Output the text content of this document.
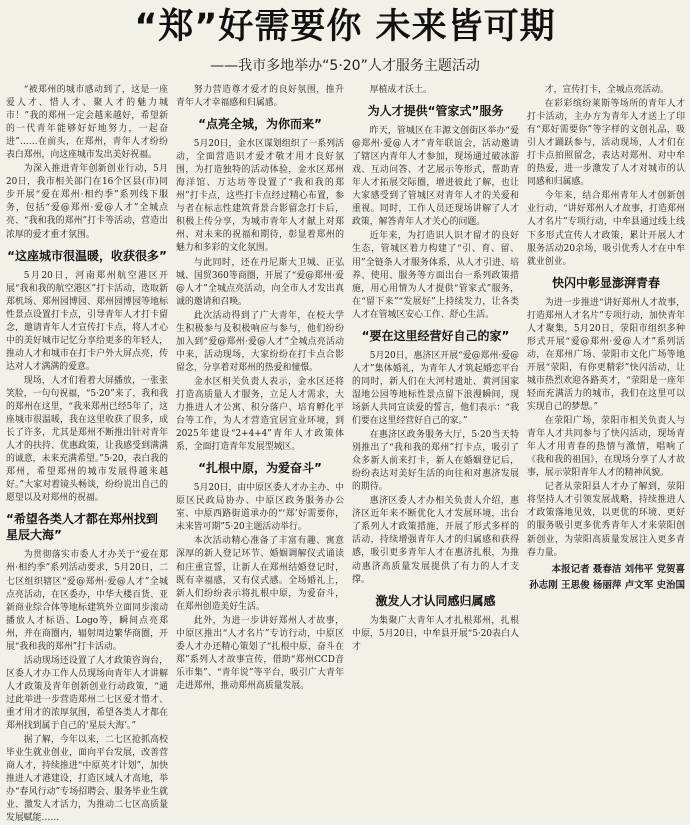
“郑”好需要你 未来皆可期
——我市多地举办“5·20”人才服务主题活动

“被郑州的城市感动到了，这是一座爱人才、惜人才、聚人才的魅力城市！”我的郑州一定会越来越好，希望新的一代青年能够好好地努力，一起奋进”……在前头，在郑州，青年人才纷纷表白郑州，向这座城市发出美好祝福。

为深入推进青年创新创业行动，5月20日，我市相关部门在16个区县(市)同步开展“爱在郑州·相约季”系列线下服务，包括“爱@郑州·爱@人才”全城点亮、“我和我的郑州”打卡等活动，营造出浓厚的爱才重才氛围。

“这座城市很温暖，收获很多”

5月20日，河南郑州航空港区开展“我和我的航空港区”打卡活动，选取新郑机场、郑州园博园、郑州园博园等地标性景点设置打卡点，引导青年人才打卡留念，邀请青年人才宣传打卡点，将人才心中的美好城市记忆分享给更多的年轻人，推动人才和城市在打卡户外大屏点亮，传达对人才满满的爱意。

现场，人才们看着大屏播放，一张张笑脸，一句句祝福，“5·20”来了，我和我的郑州在这里，“我来郑州已经5年了，这座城市很温暖，我在这里收获了很多，成长了许多，尤其是郑州不断推出针对青年人才的扶持、优惠政策，让我感受到满满的诚意，未来充满希望。”5·20，表白我的郑州，希望郑州的城市发展得越来越好。”大家对着镜头畅谈，纷纷说出自己的愿望以及对郑州的祝福。

“希望各类人才都在郑州找到星辰大海”

为贯彻落实市委人才办关于“爱在郑州·相约季”系列活动要求，5月20日，二七区组织辖区“爱@郑州·爱@人才”全城点亮活动，在区委办，中华大楼百货、亚新商业综合体等地标建筑外立面同步滚动播放人才标语、Logo等，瞬间点亮郑州，并在商圈内，辐射周边繁华商圈，开展“我和我的郑州”打卡活动。

活动现场还设置了人才政策咨询台，区委人才办工作人员现场向青年人才讲解人才政策及青年创新创业行动政策，“通过此举进一步营造郑州二七区爱才惜才、重才用才的浓厚氛围，希望各类人才都在郑州找到属于自己的‘星辰大海’。”

据了解，今年以来，二七区抢抓高校毕业生就业创业，面向平台发展，改善营商人才，持续推进“中原英才计划”，加快推进人才港建设，打造区域人才高地，举办“春风行动”专场招聘会、服务毕业生就业、激发人才活力，为推动二七区高质量发展赋能……

努力营造尊才爱才的良好氛围，推升青年人才幸福感和归属感。

“点亮全城，为你而来”

5月20日，金水区谋划组织了一系列活动，全面营造识才爱才敬才用才良好氛围，为打造独特的活动体验，金水区郑州海洋馆、万达坊等设置了“我和我的郑州”打卡点，这些打卡点经过精心布置，参与者在标志性建筑背景合影留念打卡后，积极上传分享，为城市青年人才献上对郑州、对未来的祝福和期待，彰显着郑州的魅力和多彩的文化氛围。

与此同时，还在丹尼斯大卫城、正弘城、国贸360等商圈，开展了“爱@郑州·爱@人才”全城点亮活动，向全市人才发出真诚的邀请和召唤。

此次活动得到了广大青年，在校大学生积极参与及积极响应与参与，他们纷纷加入到“爱@郑州·爱@人才”全城点亮活动中来，活动现场，大家纷纷在打卡点合影留念，分享着对郑州的热爱和憧憬。

金水区相关负责人表示，金水区还将打造高质量人才服务，立足人才需求，大力推进人才公寓、积分落户、培育孵化平台等工作，为人才营造宜居宜业环境，到2025年建设“2+4+4”青年人才政策体系，全面打造青年发展型城区。

“扎根中原，为爱奋斗”

5月20日，由中原区委人才办主办、中原区民政局协办、中原区政务服务办公室、中原西路街道承办的“‘郑’好需要你，未来皆可期”5·20主题活动举行。

本次活动精心准备了丰富有趣、寓意深厚的新人登记环节、婚姻调解仪式诵读和庄重宣誓，让新人在郑州结婚登记时，既有幸福感，又有仪式感。全场婚礼上，新人们纷纷表示将扎根中原，为爱奋斗，在郑州创造美好生活。

此外，为进一步讲好郑州人才故事，中原区推出“人才名片”专访行动，中原区委人才办还精心策划了“扎根中原，奋斗在郑”系列人才故事宣传，借助“郑州CCD音乐市集”、“青年说”等平台，吸引广大青年走进郑州，推动郑州高质量发展。

厚植成才沃土。

为人才提供“管家式”服务

昨天，管城区在丰源文创街区举办“爱@郑州·爱@人才”青年联谊会，活动邀请了辖区内青年人才参加，现场通过破冰游戏、互动问答、才艺展示等形式，帮助青年人才拓展交际圈，增进彼此了解，也让大家感受到了管城区对青年人才的关爱和重视。同时，工作人员还现场讲解了人才政策，解答青年人才关心的问题。

近年来，为打造识人识才留才的良好生态，管城区着力构建了“引、育、留、用”全链条人才服务体系，从人才引进、培养、使用、服务等方面出台一系列政策措施，用心用情为人才提供“管家式”服务，在“留下来”“发展好”上持续发力，让各类人才在管城区安心工作、舒心生活。

“要在这里经营好自己的家”

5月20日，惠济区开展“爱@郑州·爱@人才”集体婚礼，为青年人才筑起婚恋平台的同时，新人们在大河村遗址、黄河国家湿地公园等地标性景点留下浪漫瞬间，现场新人共同宣读爱的誓言，他们表示：“我们要在这里经营好自己的家。”

在惠济区政务服务大厅，5·20当天特别推出了“我和我的郑州”打卡点，吸引了众多新人前来打卡，新人在婚姻登记后，纷纷表达对美好生活的向往和对惠济发展的期待。

惠济区委人才办相关负责人介绍，惠济区近年来不断优化人才发展环境，出台了系列人才政策措施，开展了形式多样的活动，持续增强青年人才的归属感和获得感，吸引更多青年人才在惠济扎根，为推动惠济高质量发展提供了有力的人才支撑。

激发人才认同感归属感

为集聚广大青年人才扎根郑州，扎根中原，5月20日，中牟县开展“5·20表白人才

才，宣传打卡，全城点亮活动。

在彩彩缤纷莱斯等场所的青年人才打卡活动，主办方为青年人才送上了印有“郑好需要你”等字样的文创礼品，吸引人才踊跃参与，活动现场，人才们在打卡点拍照留念，表达对郑州、对中牟的热爱，进一步激发了人才对城市的认同感和归属感。

今年来，结合郑州青年人才创新创业行动，“讲好郑州人才故事，打造郑州人才名片”专项行动，中牟县通过线上线下多形式宣传人才政策，累计开展人才服务活动20余场，吸引优秀人才在中牟就业创业。

快闪中彰显澎湃青春

为进一步推进“讲好郑州人才故事，打造郑州人才名片”专项行动，加快青年人才聚集，5月20日，荥阳市组织多种形式开展“爱@郑州·爱@人才”系列活动，在郑州广场、荥阳市文化广场等地开展“荥阳，有你更精彩”快闪活动，让城市热烈欢迎各路英才，“荥阳是一座年轻而充满活力的城市，我们在这里可以实现自己的梦想。”

在荥阳广场，荥阳市相关负责人与青年人才共同参与了快闪活动，现场青年人才用青春的热情与激情，唱响了《我和我的祖国》，在现场分享了人才故事，展示荥阳青年人才的精神风貌。

记者从荥阳县人才办了解到，荥阳将坚持人才引领发展战略，持续推进人才政策落地见效，以更优的环境、更好的服务吸引更多优秀青年人才来荥阳创新创业，为荥阳高质量发展注入更多青春力量。

本报记者 聂春洁 刘伟平 党贺喜
孙志刚 王思俊 杨丽萍 卢文军 史治国
